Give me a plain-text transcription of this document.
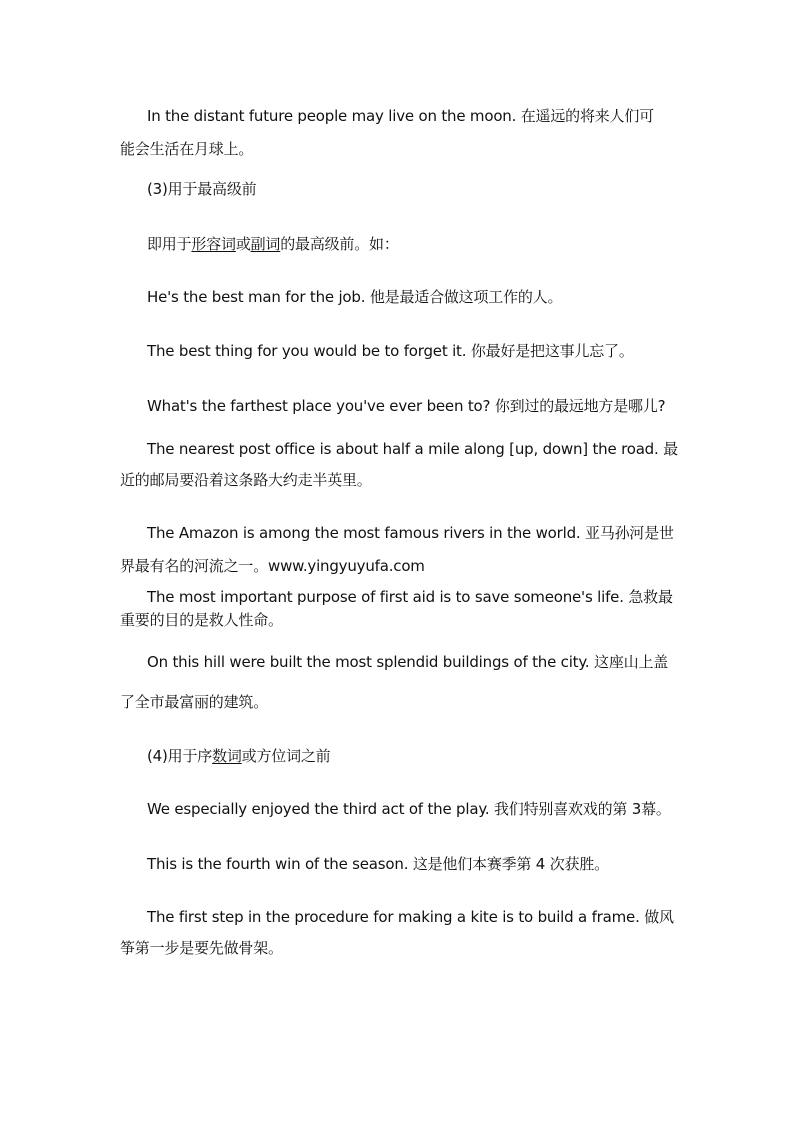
In the distant future people may live on the moon. 在遥远的将来人们可
能会生活在月球上。
(3)用于最高级前
即用于形容词或副词的最高级前。如：
He's the best man for the job. 他是最适合做这项工作的人。
The best thing for you would be to forget it. 你最好是把这事儿忘了。
What's the farthest place you've ever been to? 你到过的最远地方是哪儿?
The nearest post office is about half a mile along [up, down] the road. 最
近的邮局要沿着这条路大约走半英里。
The Amazon is among the most famous rivers in the world. 亚马孙河是世
界最有名的河流之一。www.yingyuyufa.com
The most important purpose of first aid is to save someone's life. 急救最
重要的目的是救人性命。
On this hill were built the most splendid buildings of the city. 这座山上盖
了全市最富丽的建筑。
(4)用于序数词或方位词之前
We especially enjoyed the third act of the play. 我们特别喜欢戏的第 3幕。
This is the fourth win of the season. 这是他们本赛季第 4 次获胜。
The first step in the procedure for making a kite is to build a frame. 做风
筝第一步是要先做骨架。
